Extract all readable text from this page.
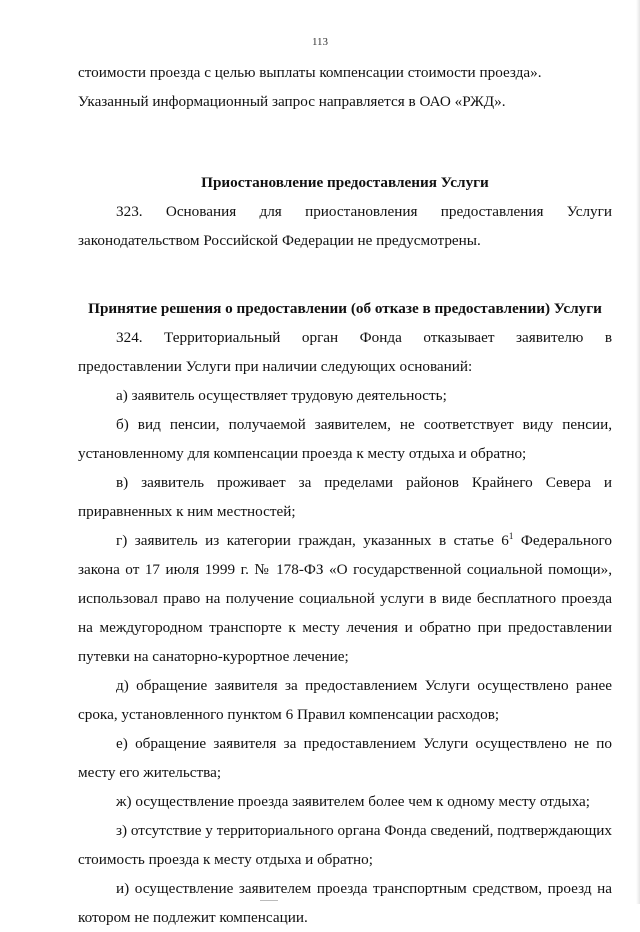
113

стоимости проезда с целью выплаты компенсации стоимости проезда».

Указанный информационный запрос направляется в ОАО «РЖД».

Приостановление предоставления Услуги

323. Основания для приостановления предоставления Услуги законодательством Российской Федерации не предусмотрены.

Принятие решения о предоставлении (об отказе в предоставлении) Услуги

324. Территориальный орган Фонда отказывает заявителю в предоставлении Услуги при наличии следующих оснований:

а) заявитель осуществляет трудовую деятельность;

б) вид пенсии, получаемой заявителем, не соответствует виду пенсии, установленному для компенсации проезда к месту отдыха и обратно;

в) заявитель проживает за пределами районов Крайнего Севера и приравненных к ним местностей;

г) заявитель из категории граждан, указанных в статье $6^1$ Федерального закона от 17 июля 1999 г. № 178-ФЗ «О государственной социальной помощи», использовал право на получение социальной услуги в виде бесплатного проезда на междугородном транспорте к месту лечения и обратно при предоставлении путевки на санаторно-курортное лечение;

д) обращение заявителя за предоставлением Услуги осуществлено ранее срока, установленного пунктом 6 Правил компенсации расходов;

е) обращение заявителя за предоставлением Услуги осуществлено не по месту его жительства;

ж) осуществление проезда заявителем более чем к одному месту отдыха;

з) отсутствие у территориального органа Фонда сведений, подтверждающих стоимость проезда к месту отдыха и обратно;

и) осуществление заявителем проезда транспортным средством, проезд на котором не подлежит компенсации.
